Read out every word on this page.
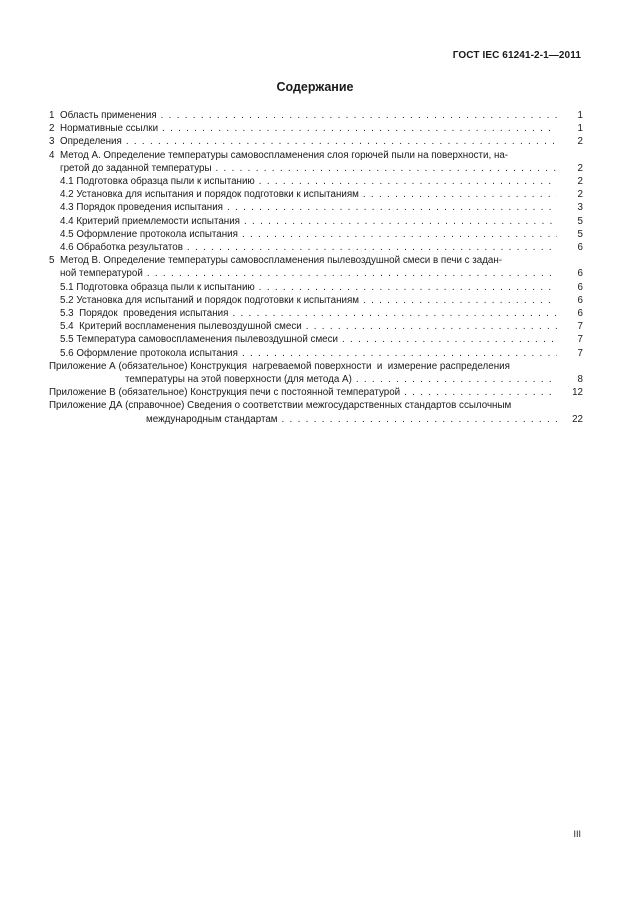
ГОСТ IEC 61241-2-1—2011
Содержание
1 Область применения . . .	1
2 Нормативные ссылки . . .	1
3 Определения . . .	2
4 Метод А. Определение температуры самовоспламенения слоя горючей пыли на поверхности, на-
гретой до заданной температуры . . .	2
4.1 Подготовка образца пыли к испытанию . . .	2
4.2 Установка для испытания и порядок подготовки к испытаниям . . .	2
4.3 Порядок проведения испытания . . .	3
4.4 Критерий приемлемости испытания . . .	5
4.5 Оформление протокола испытания . . .	5
4.6 Обработка результатов . . .	6
5 Метод В. Определение температуры самовоспламенения пылевоздушной смеси в печи с задан-
ной температурой . . .	6
5.1 Подготовка образца пыли к испытанию . . .	6
5.2 Установка для испытаний и порядок подготовки к испытаниям . . .	6
5.3  Порядок  проведения испытания . . .	6
5.4  Критерий воспламенения пылевоздушной смеси . . .	7
5.5 Температура самовоспламенения пылевоздушной смеси . . .	7
5.6 Оформление протокола испытания . . .	7
Приложение А (обязательное) Конструкция  нагреваемой поверхности  и  измерение распределения
температуры на этой поверхности (для метода А) . . .	8
Приложение В (обязательное) Конструкция печи с постоянной температурой . . .	12
Приложение ДА (справочное) Сведения о соответствии межгосударственных стандартов ссылочным
международным стандартам . . .	22
III
